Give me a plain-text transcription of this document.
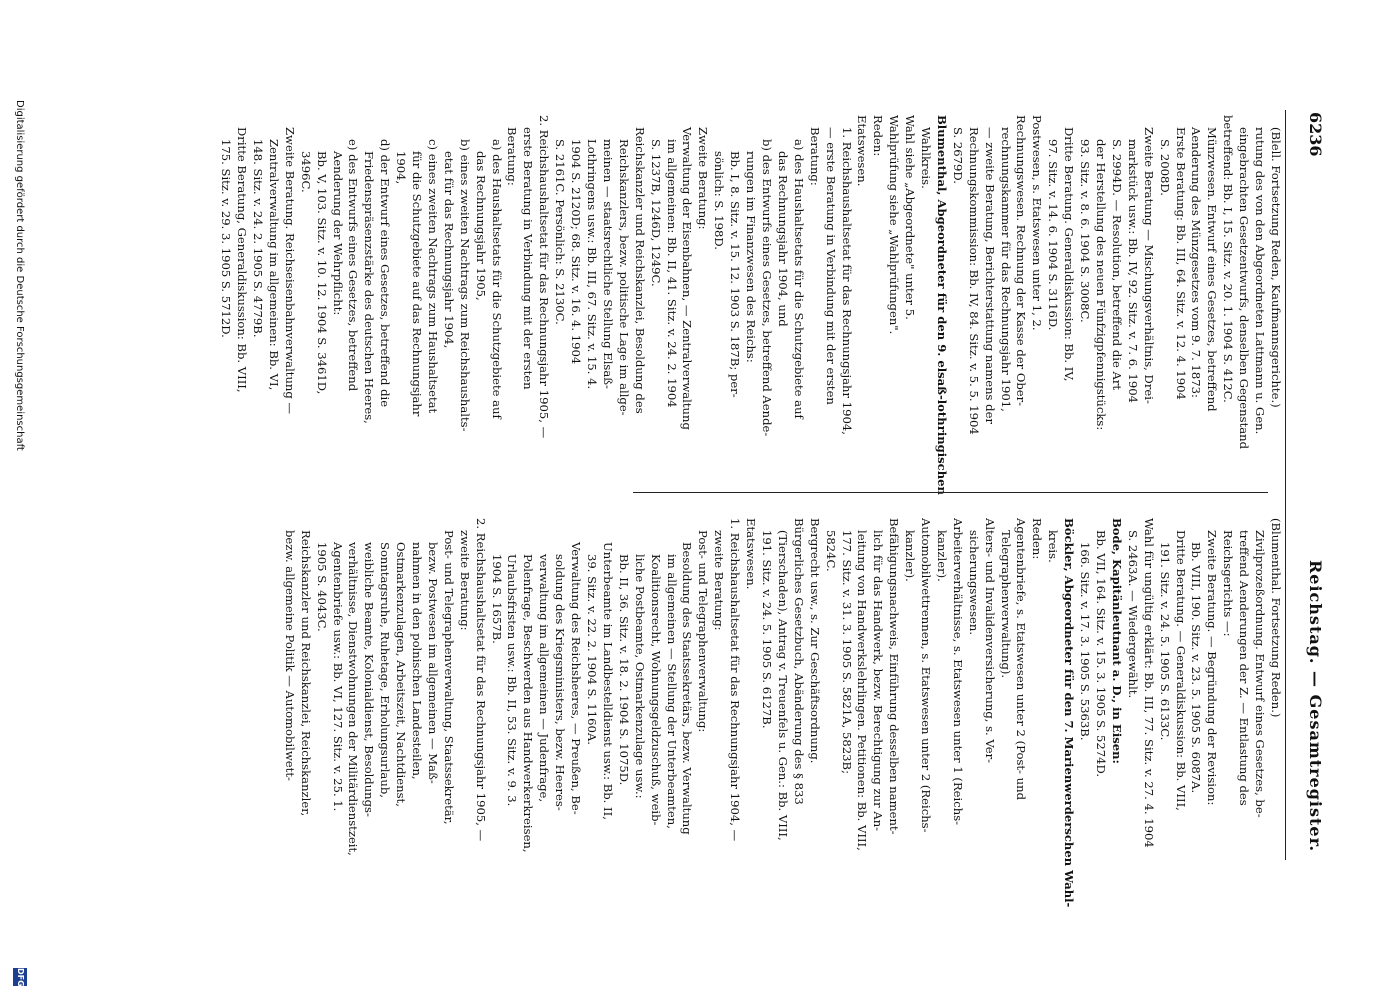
6236
Reichstag. — Gesamtregister.
(Blell. Fortsetzung Reden, Kaufmannsgerichte.)
rutung des von den Abgeordneten Lattmann u. Gen.
eingebrachten Gesetzentwurfs, denselben Gegenstand
betreffend: Bb. I, 15. Sitz. v. 20. 1. 1904 S. 412C.
Münzwesen. Entwurf eines Gesetzes, betreffend
Aenderung des Münzgesetzes vom 9. 7. 1873:
Erste Beratung: Bb. III, 64. Sitz. v. 12. 4. 1904
S. 2008D.
Zweite Beratung — Mischungsverhältnis, Drei-
markstück usw.: Bb. IV, 92. Sitz. v. 7. 6. 1904
S. 2994D. — Resolution, betreffend die Art
der Herstellung des neuen Fünfzigpfennigstücks:
93. Sitz. v. 8. 6. 1904 S. 3008C.
Dritte Beratung. Generaldiskussion: Bb. IV,
97. Sitz. v. 14. 6. 1904 S. 3116D.
Postwesen, s. Etatswesen unter 1, 2.
Rechnungswesen. Rechnung der Kasse der Ober-
rechnungskammer für das Rechnungsjahr 1901,
— zweite Beratung, Berichterstattung namens der
Rechnungskommission: Bb. IV, 84. Sitz. v. 5. 5. 1904
S. 2679D.
Blumenthal, Abgeordneter für den 9. elsaß-lothringischen
Wahlkreis.
Wahl siehe „Abgeordnete" unter 5.
Wahlprüfung siehe „Wahlprüfungen".
Reden:
Etatswesen.
1. Reichshaushaltsetat für das Rechnungsjahr 1904,
— erste Beratung in Verbindung mit der ersten
Beratung:
a) des Haushaltsetats für die Schutzgebiete auf
das Rechnungsjahr 1904, und
b) des Entwurfs eines Gesetzes, betreffend Aende-
rungen im Finanzwesen des Reichs:
Bb. I, 8. Sitz. v. 15. 12. 1903 S. 187B; per-
sönlich: S. 198D.
Zweite Beratung:
Verwaltung der Eisenbahnen, — Zentralverwaltung
im allgemeinen: Bb. II, 41. Sitz. v. 24. 2. 1904
S. 1237B, 1246D, 1249C.
Reichskanzler und Reichskanzlei, Besoldung des
Reichskanzlers, bezw. politische Lage im allge-
meinen — staatsrechtliche Stellung Elsaß-
Lothringens usw.: Bb. III, 67. Sitz. v. 15. 4.
1904 S. 2120D; 68. Sitz. v. 16. 4. 1904
S. 2161C. Persönlich: S. 2130C.
2. Reichshaushaltsetat für das Rechnungsjahr 1905, —
erste Beratung in Verbindung mit der ersten
Beratung:
a) des Haushaltsetats für die Schutzgebiete auf
das Rechnungsjahr 1905,
b) eines zweiten Nachtrags zum Reichshaushalts-
etat für das Rechnungsjahr 1904,
c) eines zweiten Nachtrags zum Haushaltsetat
für die Schutzgebiete auf das Rechnungsjahr
1904,
d) der Entwurf eines Gesetzes, betreffend die
Friedenspräsenzstärke des deutschen Heeres,
e) des Entwurfs eines Gesetzes, betreffend
Aenderung der Wehrpflicht:
Bb. V, 103. Sitz. v. 10. 12. 1904 S. 3461D,
3496C.
Zweite Beratung. Reichseisenbahnverwaltung —
Zentralverwaltung im allgemeinen: Bb. VI,
148. Sitz. v. 24. 2. 1905 S. 4779B.
Dritte Beratung, Generaldiskussion: Bb. VIII,
175. Sitz. v. 29. 3. 1905 S. 5712D.
(Blumenthal. Fortsetzung Reden.)
Zivilprozeßordnung. Entwurf eines Gesetzes, be-
treffend Aenderungen der Z. — Entlastung des
Reichsgerichts —:
Zweite Beratung. — Begründung der Revision:
Bb. VIII, 190. Sitz. v. 23. 5. 1905 S. 6087A.
Dritte Beratung. — Generaldiskussion: Bb. VIII,
191. Sitz. v. 24. 5. 1905 S. 6133C.
Wahl für ungültig erklärt: Bb. III, 77. Sitz. v. 27. 4. 1904
S. 2463A. — Wiedergewählt.
Bode, Kapitänleutnant a. D., in Eisen:
Bb. VII, 164. Sitz. v. 15. 3. 1905 S. 5274D.
166. Sitz. v. 17. 3. 1905 S. 5363B.
Böckler, Abgeordneter für den 7. Marienwerderschen Wahl-
kreis.
Reden:
Agentenbriefe, s. Etatswesen unter 2 (Post- und
Telegraphenverwaltung).
Alters- und Invalidenversicherung, s. Ver-
sicherungswesen.
Arbeiterverhältnisse, s. Etatswesen unter 1 (Reichs-
kanzler).
Automobilwettrennen, s. Etatswesen unter 2 (Reichs-
kanzler).
Befähigungsnachweis, Einführung desselben nament-
lich für das Handwerk, bezw. Berechtigung zur An-
leitung von Handwerkslehrlingen. Petitionen: Bb. VIII,
177. Sitz. v. 31. 3. 1905 S. 5821A, 5823B;
5824C.
Bergrecht usw., s. Zur Geschäftsordnung.
Bürgerliches Gesetzbuch, Abänderung des § 833
(Tierschaden), Antrag v. Treuenfels u. Gen.: Bb. VIII,
191. Sitz. v. 24. 5. 1905 S. 6127B.
Etatswesen.
1. Reichshaushaltsetat für das Rechnungsjahr 1904, —
zweite Beratung:
Post- und Telegraphenverwaltung:
Besoldung des Staatssekretärs, bezw. Verwaltung
im allgemeinen — Stellung der Unterbeamten,
Koalitionsrecht, Wohnungsgeldzuschuß, weib-
liche Postbeamte, Ostmarkenzulage usw.:
Bb. II, 36. Sitz. v. 18. 2. 1904 S. 1075D.
Unterbeamte im Landbestelldienst usw.: Bb. II,
39. Sitz. v. 22. 2. 1904 S. 1160A.
Verwaltung des Reichsheeres, — Preußen, Be-
soldung des Kriegsministers, bezw. Heeres-
verwaltung im allgemeinen — Judenfrage,
Polenfrage, Beschwerden aus Handwerkerkreisen,
Urlaubsfristen usw.: Bb. II, 53. Sitz. v. 9. 3.
1904 S. 1657B.
2. Reichshaushaltsetat für das Rechnungsjahr 1905, —
zweite Beratung:
Post- und Telegraphenverwaltung, Staatssekretär,
bezw. Postwesen im allgemeinen — Maß-
nahmen in den polnischen Landesteilen,
Ostmarkenzulagen, Arbeitszeit, Nachtdienst,
Sonntagsruhe, Ruhetage, Erholungsurlaub,
weibliche Beamte, Kolonialdienst, Besoldungs-
verhältnisse, Dienstwohnungen der Militärdienstzeit,
Agentenbriefe usw.: Bb. VI, 127. Sitz. v. 25. 1.
1905 S. 4043C.
Reichskanzler und Reichskanzlei, Reichskanzler,
bezw. allgemeine Politik — Automobilwett-
Digitalisierung gefördert durch die Deutsche Forschungsgemeinschaft
DFG
